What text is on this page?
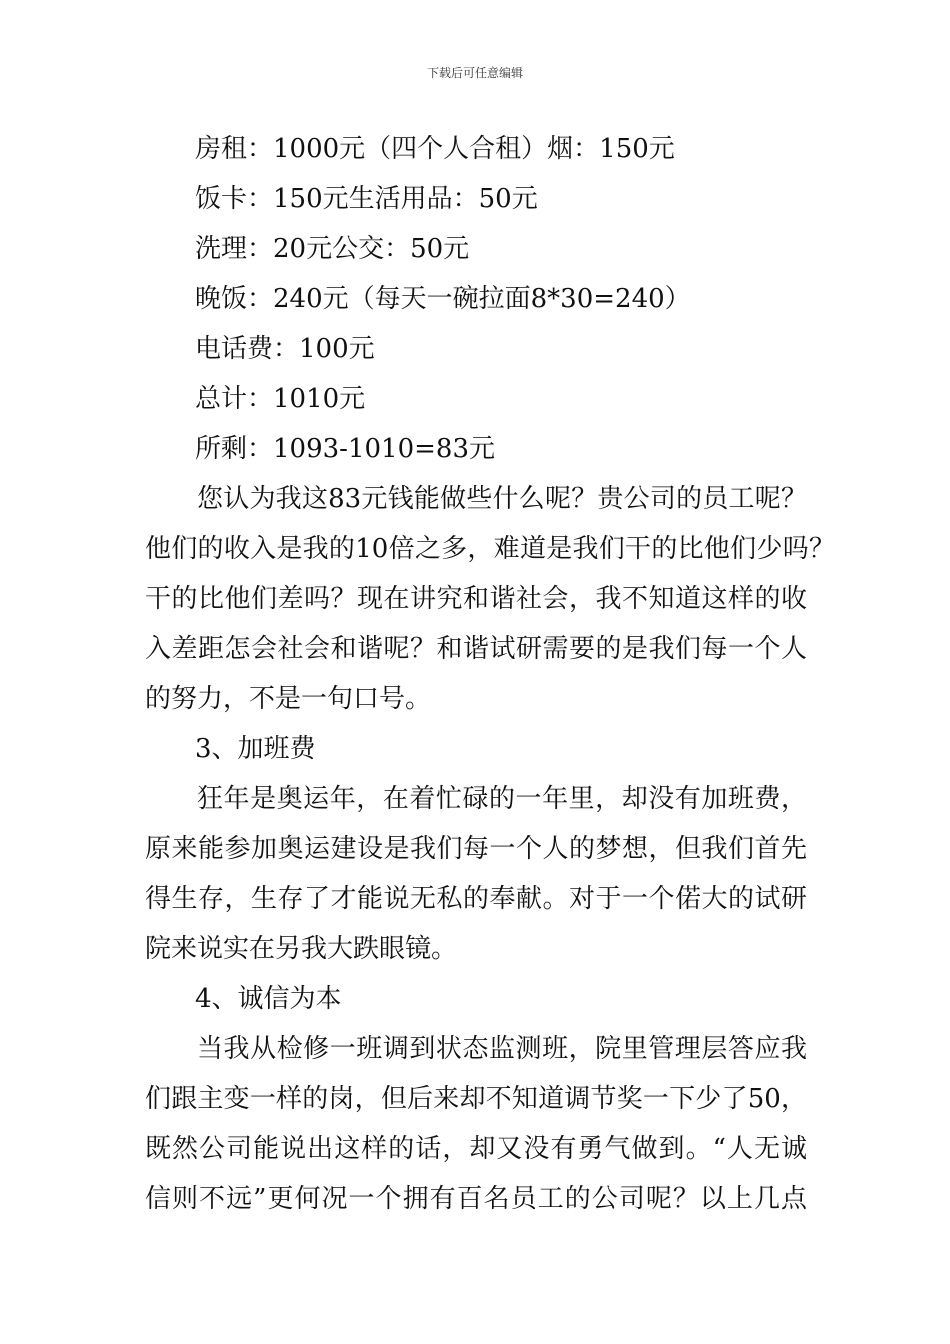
下载后可任意编辑
房租：1000元（四个人合租）烟：150元
饭卡：150元生活用品：50元
洗理：20元公交：50元
晚饭：240元（每天一碗拉面8*30=240）
电话费：100元
总计：1010元
所剩：1093-1010=83元
您认为我这83元钱能做些什么呢？贵公司的员工呢？
他们的收入是我的10倍之多，难道是我们干的比他们少吗？
干的比他们差吗？现在讲究和谐社会，我不知道这样的收
入差距怎会社会和谐呢？和谐试研需要的是我们每一个人
的努力，不是一句口号。
3、加班费
狂年是奥运年，在着忙碌的一年里，却没有加班费，
原来能参加奥运建设是我们每一个人的梦想，但我们首先
得生存，生存了才能说无私的奉献。对于一个偌大的试研
院来说实在另我大跌眼镜。
4、诚信为本
当我从检修一班调到状态监测班，院里管理层答应我
们跟主变一样的岗，但后来却不知道调节奖一下少了50，
既然公司能说出这样的话，却又没有勇气做到。“人无诚
信则不远”更何况一个拥有百名员工的公司呢？以上几点
